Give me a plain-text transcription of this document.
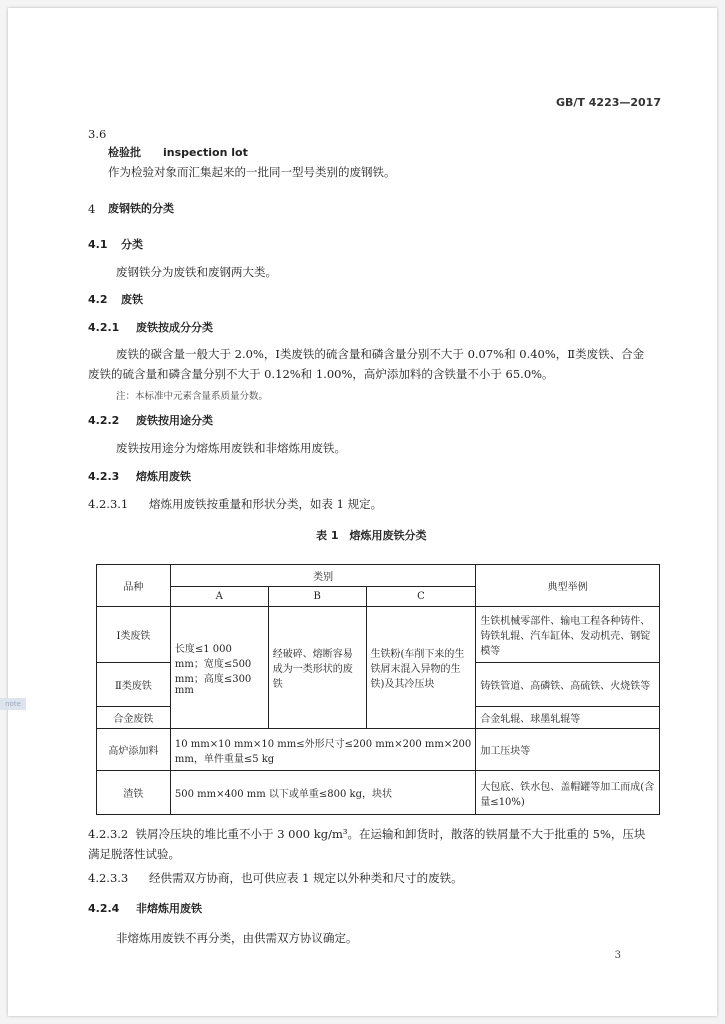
GB/T 4223—2017
3.6
检验批 inspection lot
作为检验对象而汇集起来的一批同一型号类别的废钢铁。
4 废钢铁的分类
4.1 分类
废钢铁分为废铁和废钢两大类。
4.2 废铁
4.2.1 废铁按成分分类
废铁的碳含量一般大于 2.0%，Ⅰ类废铁的硫含量和磷含量分别不大于 0.07%和 0.40%，Ⅱ类废铁、合金废铁的硫含量和磷含量分别不大于 0.12%和 1.00%，高炉添加料的含铁量不小于 65.0%。
注：本标准中元素含量系质量分数。
4.2.2 废铁按用途分类
废铁按用途分为熔炼用废铁和非熔炼用废铁。
4.2.3 熔炼用废铁
4.2.3.1 熔炼用废铁按重量和形状分类，如表 1 规定。
表 1　熔炼用废铁分类
品种	类别			典型举例
	A	B	C	
Ⅰ类废铁	长度≤1 000 mm；宽度≤500 mm；高度≤300 mm	经破碎、熔断容易成为一类形状的废铁	生铁粉(车削下来的生铁屑末混入异物的生铁)及其冷压块	生铁机械零部件、输电工程各种铸件、铸铁轧辊、汽车缸体、发动机壳、钢锭模等
Ⅱ类废铁				铸铁管道、高磷铁、高硫铁、火烧铁等
合金废铁				合金轧辊、球墨轧辊等
高炉添加料	10 mm×10 mm×10 mm≤外形尺寸≤200 mm×200 mm×200 mm，单件重量≤5 kg			加工压块等
渣铁	500 mm×400 mm 以下或单重≤800 kg，块状			大包底、铁水包、盖帽罐等加工而成(含量≤10%)
4.2.3.2 铁屑冷压块的堆比重不小于 3 000 kg/m³。在运输和卸货时，散落的铁屑量不大于批重的 5%，压块满足脱落性试验。
4.2.3.3 经供需双方协商，也可供应表 1 规定以外种类和尺寸的废铁。
4.2.4 非熔炼用废铁
非熔炼用废铁不再分类，由供需双方协议确定。
3
note
